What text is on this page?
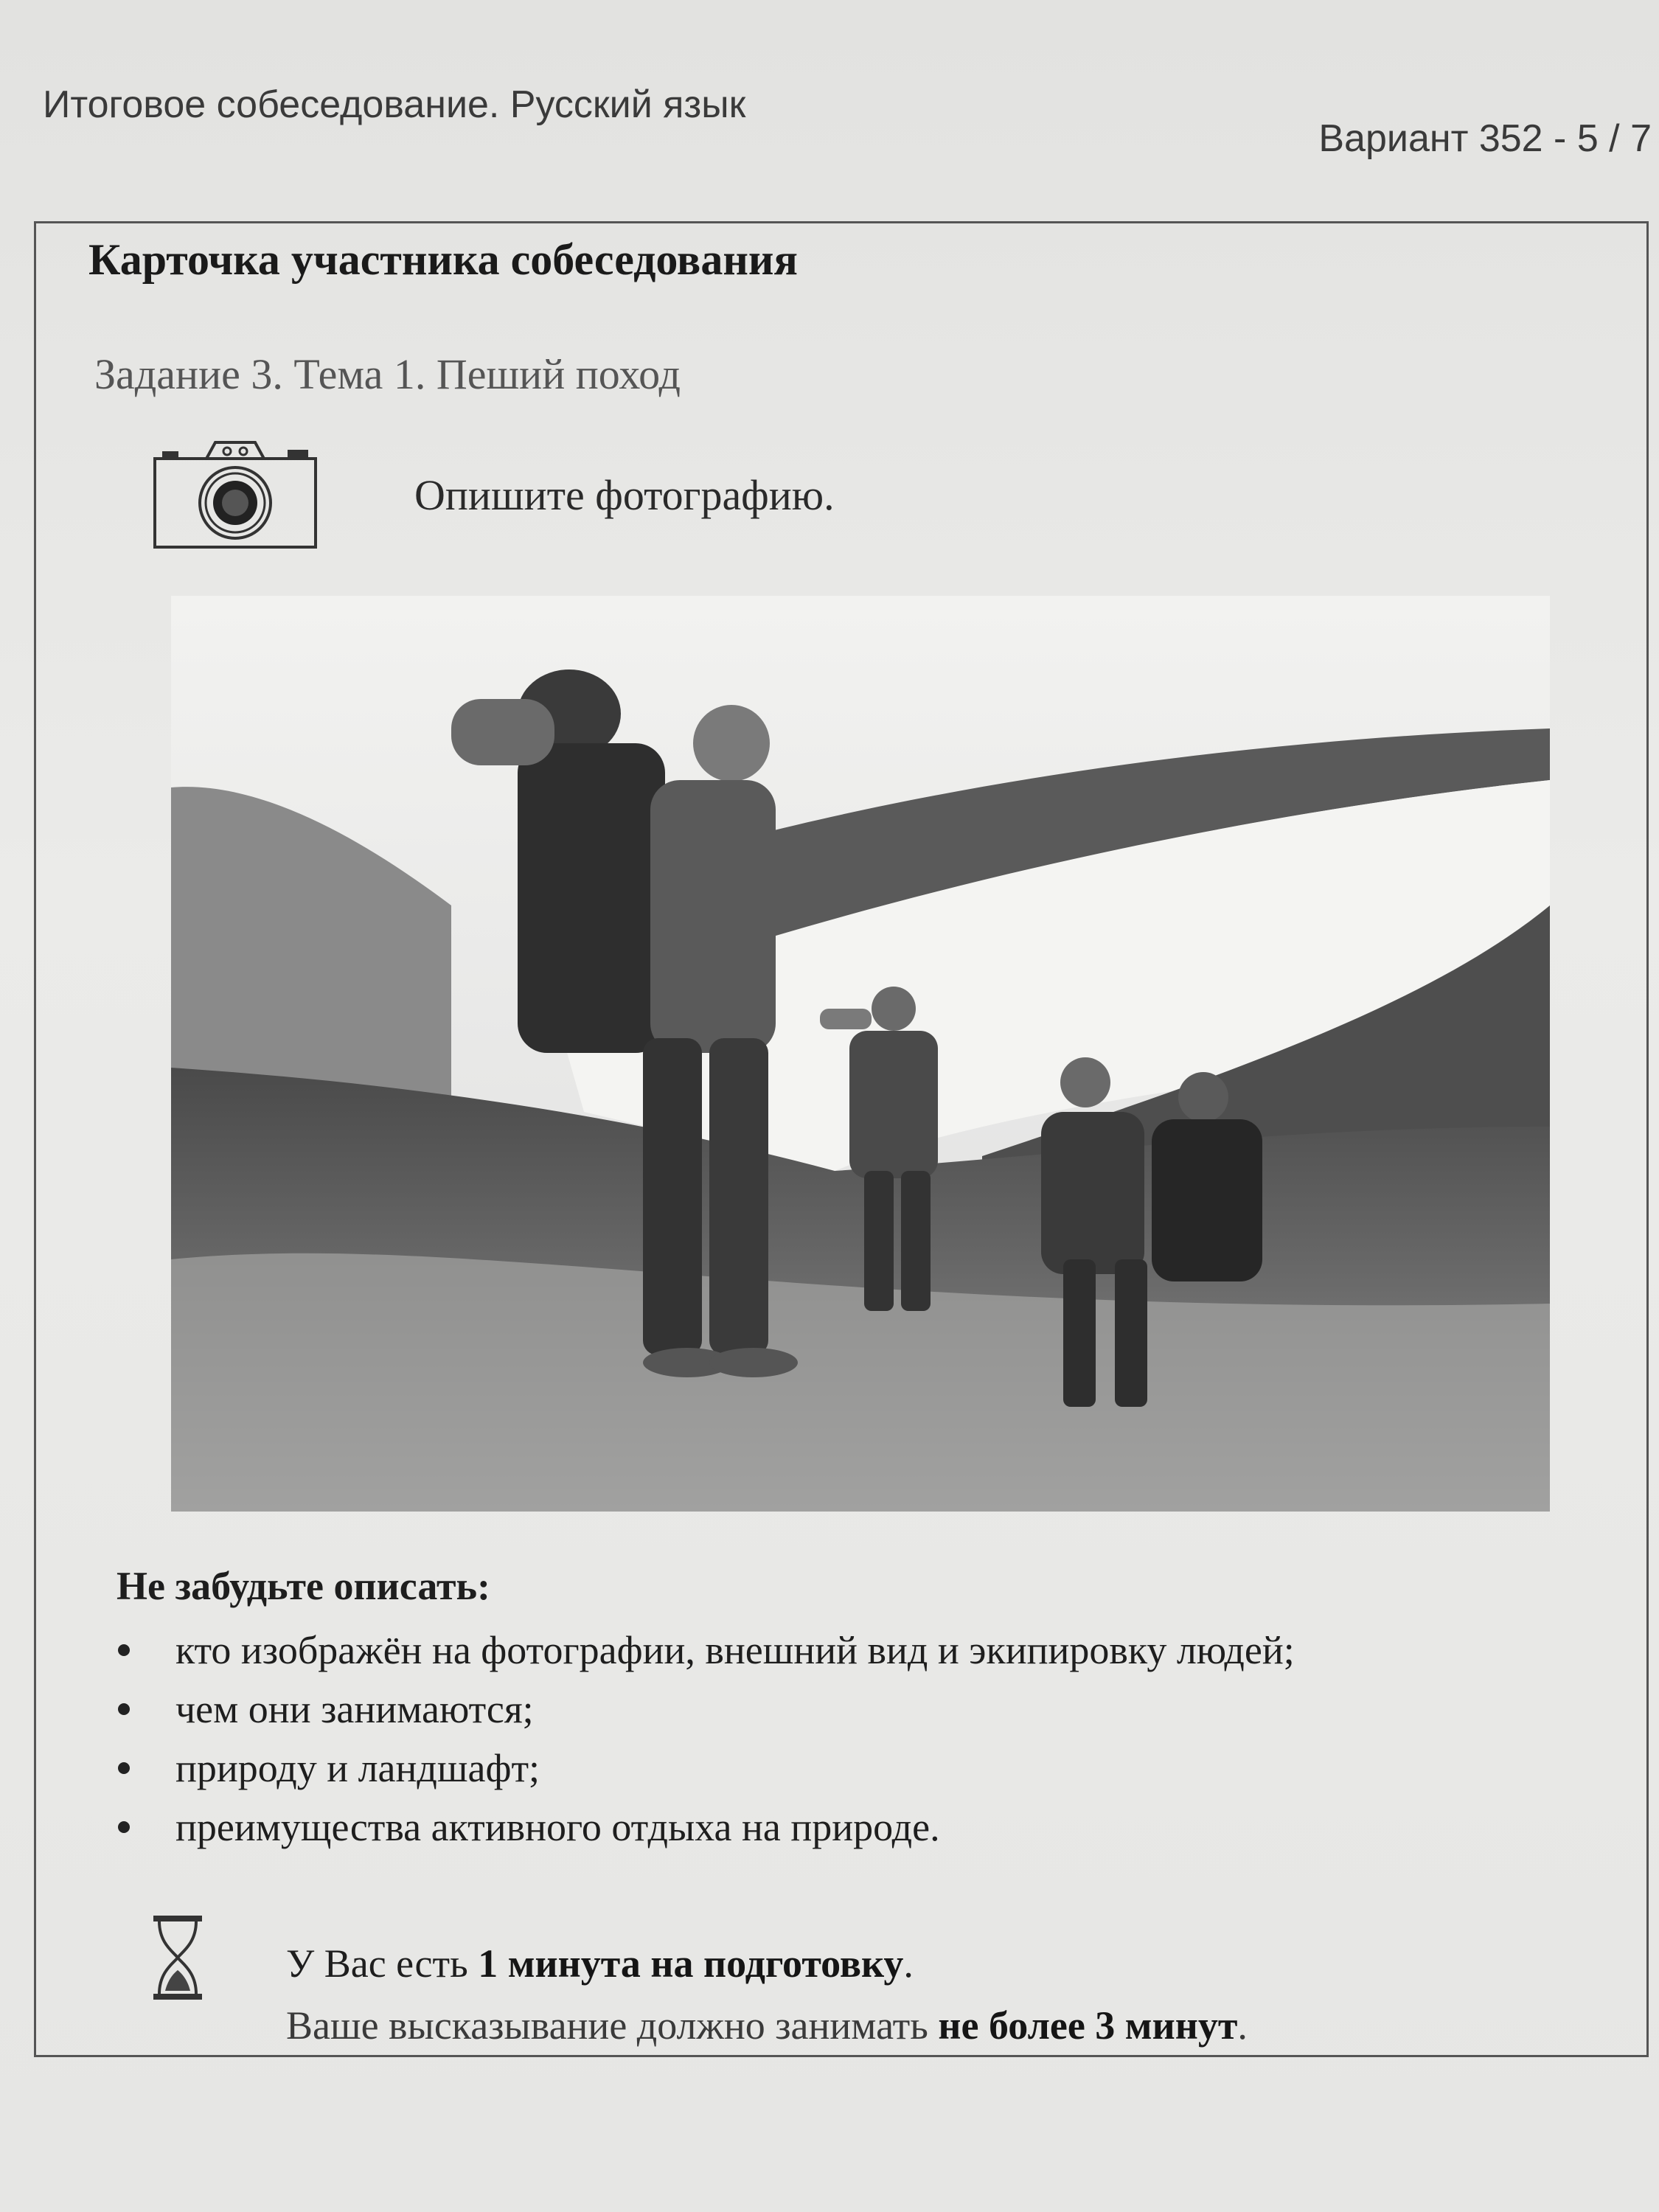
Итоговое собеседование. Русский язык
Вариант 352 - 5 / 7
Карточка участника собеседования
Задание 3. Тема 1. Пеший поход
Опишите фотографию.
Не забудьте описать:
кто изображён на фотографии, внешний вид и экипировку людей;
чем они занимаются;
природу и ландшафт;
преимущества активного отдыха на природе.
У Вас есть 1 минута на подготовку.
Ваше высказывание должно занимать не более 3 минут.
